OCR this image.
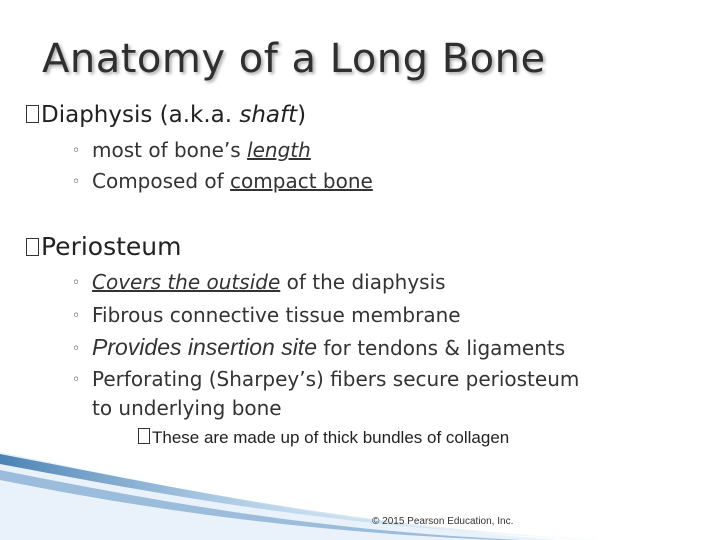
Anatomy of a Long Bone
Diaphysis (a.k.a. shaft)
◦ most of bone’s length
◦ Composed of compact bone
Periosteum
◦ Covers the outside of the diaphysis
◦ Fibrous connective tissue membrane
◦ Provides insertion site for tendons & ligaments
◦ Perforating (Sharpey’s) fibers secure periosteum
to underlying bone
These are made up of thick bundles of collagen
© 2015 Pearson Education, Inc.
